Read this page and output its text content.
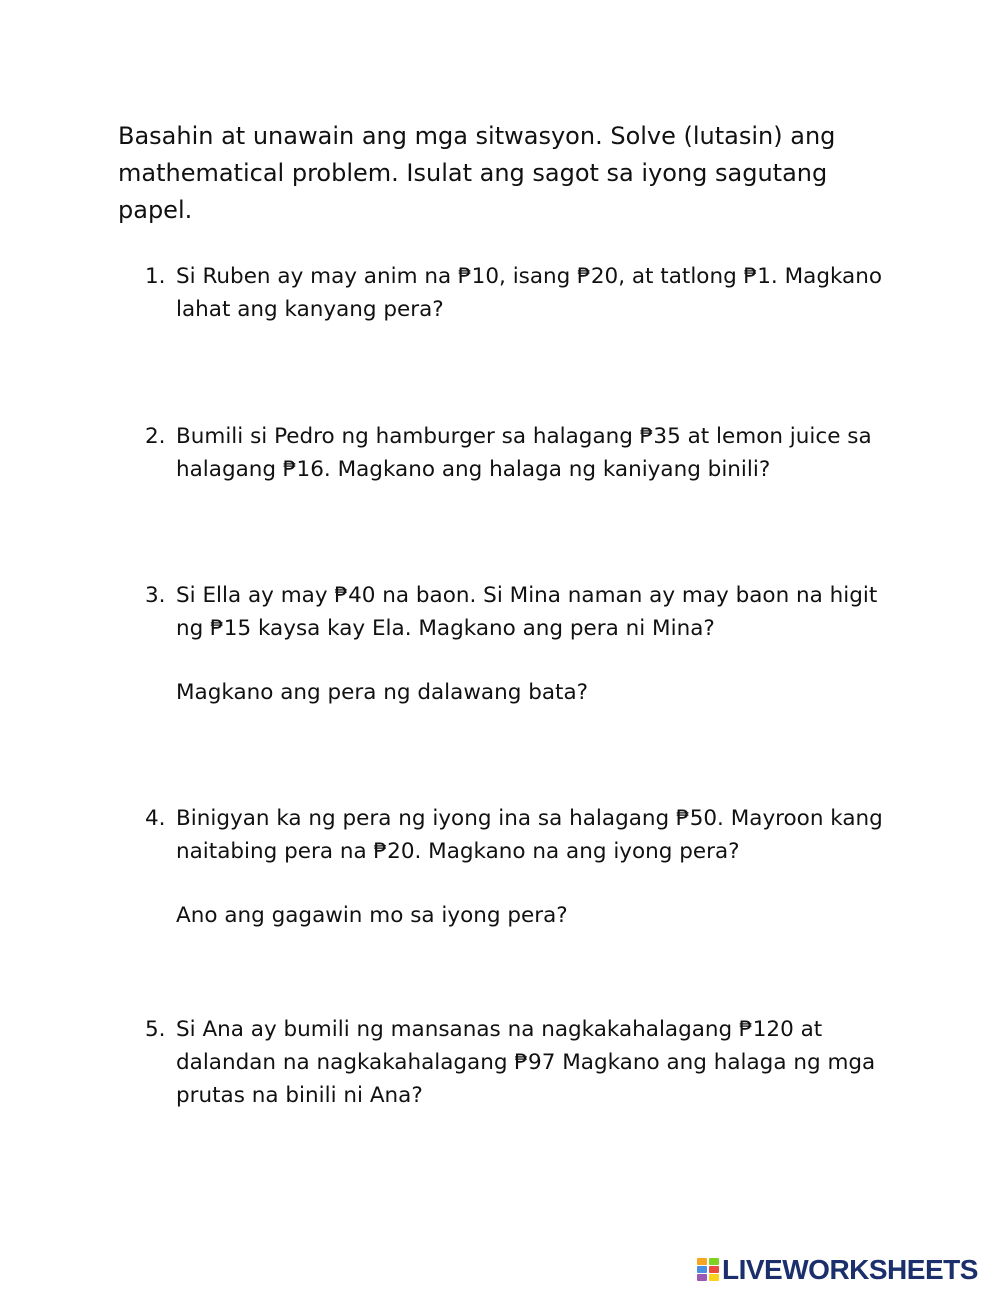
Basahin at unawain ang mga sitwasyon. Solve (lutasin) ang mathematical problem. Isulat ang sagot sa iyong sagutang papel.

1. Si Ruben ay may anim na ₱10, isang ₱20, at tatlong ₱1. Magkano lahat ang kanyang pera?
2. Bumili si Pedro ng hamburger sa halagang ₱35 at lemon juice sa halagang ₱16. Magkano ang halaga ng kaniyang binili?
3. Si Ella ay may ₱40 na baon. Si Mina naman ay may baon na higit ng ₱15 kaysa kay Ela. Magkano ang pera ni Mina?
Magkano ang pera ng dalawang bata?
4. Binigyan ka ng pera ng iyong ina sa halagang ₱50. Mayroon kang naitabing pera na ₱20. Magkano na ang iyong pera?
Ano ang gagawin mo sa iyong pera?
5. Si Ana ay bumili ng mansanas na nagkakahalagang ₱120 at dalandan na nagkakahalagang ₱97 Magkano ang halaga ng mga prutas na binili ni Ana?
LIVEWORKSHEETS
